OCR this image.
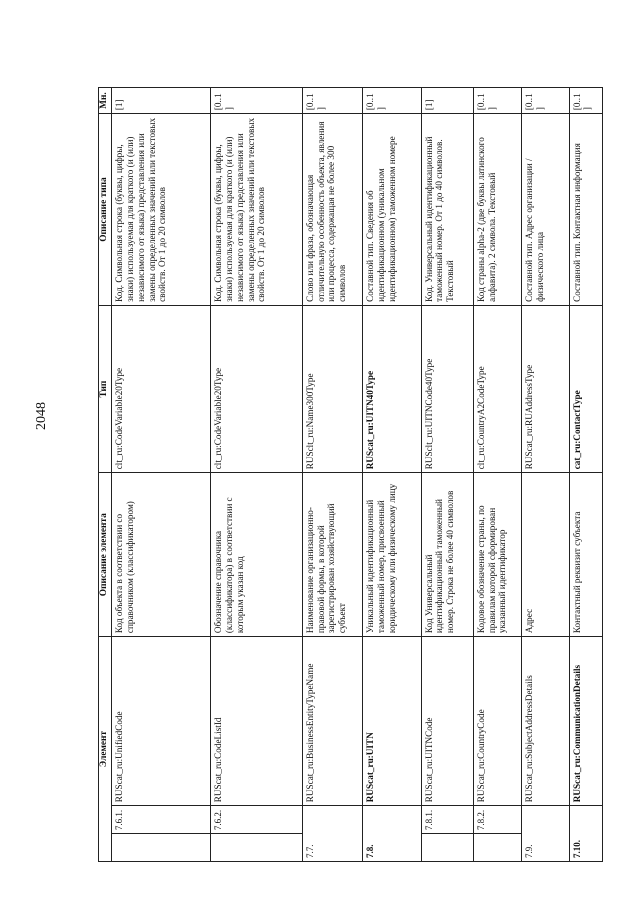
2048
Элемент			Описание элемента	Тип	Описание типа	Мн.
	7.6.1.	RUScat_ru:UnifiedCode	Код объекта в соответствии со справочником (классификатором)	clt_ru:CodeVariable20Type	Код. Символьная строка (буквы, цифры, знаки) используемая для краткого (и (или) независимого от языка) представления или замены определенных значений или текстовых свойств. От 1 до 20 символов	[1]
	7.6.2.	RUScat_ru:CodeListId	Обозначение справочника (классификатора) в соответствии с которым указан код	clt_ru:CodeVariable20Type	Код. Символьная строка (буквы, цифры, знаки) используемая для краткого (и (или) независимого от языка) представления или замены определенных значений или текстовых свойств. От 1 до 20 символов	[0..1]
7.7.		RUScat_ru:BusinessEntityTypeName	Наименование организационно-правовой формы, в которой зарегистрирован хозяйствующий субъект	RUSclt_ru:Name300Type	Слово или фраза, обозначающая отличительную особенность объекта, явления или процесса, содержащая не более 300 символов	[0..1]
7.8.		RUScat_ru:UITN	Уникальный идентификационный таможенный номер, присвоенный юридическому или физическому лицу	RUScat_ru:UITN40Type	Составной тип. Сведения об идентификационном (уникальном идентификационном) таможенном номере	[0..1]
	7.8.1.	RUScat_ru:UITNCode	Код Универсальный идентификационный таможенный номер. Строка не более 40 символов	RUSclt_ru:UITNCode40Type	Код. Универсальный идентификационный таможенный номер. От 1 до 40 символов. Текстовый	[1]
	7.8.2.	RUScat_ru:CountryCode	Кодовое обозначение страны, по правилам которой сформирован указанный идентификатор	clt_ru:CountryA2CodeType	Код страны alpha-2 (две буквы латинского алфавита). 2 символа. Текстовый	[0..1]
7.9.		RUScat_ru:SubjectAddressDetails	Адрес	RUScat_ru:RUAddressType	Составной тип. Адрес организации / физического лица	[0..1]
7.10.		RUScat_ru:CommunicationDetails	Контактный реквизит субъекта	cat_ru:ContactType	Составной тип. Контактная информация	[0..1]
